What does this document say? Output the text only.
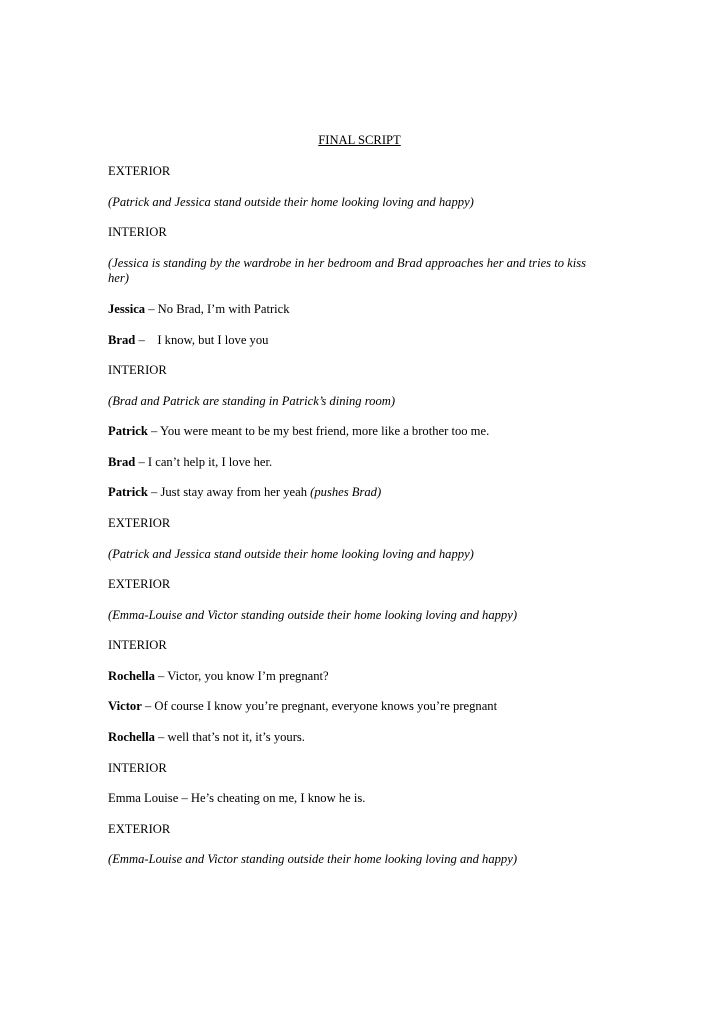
FINAL SCRIPT
EXTERIOR
(Patrick and Jessica stand outside their home looking loving and happy)
INTERIOR
(Jessica is standing by the wardrobe in her bedroom and Brad approaches her and tries to kiss her)
Jessica – No Brad, I’m with Patrick
Brad –    I know, but I love you
INTERIOR
(Brad and Patrick are standing in Patrick’s dining room)
Patrick – You were meant to be my best friend, more like a brother too me.
Brad – I can’t help it, I love her.
Patrick – Just stay away from her yeah (pushes Brad)
EXTERIOR
(Patrick and Jessica stand outside their home looking loving and happy)
EXTERIOR
(Emma-Louise and Victor standing outside their home looking loving and happy)
INTERIOR
Rochella – Victor, you know I’m pregnant?
Victor – Of course I know you’re pregnant, everyone knows you’re pregnant
Rochella – well that’s not it, it’s yours.
INTERIOR
Emma Louise – He’s cheating on me, I know he is.
EXTERIOR
(Emma-Louise and Victor standing outside their home looking loving and happy)
